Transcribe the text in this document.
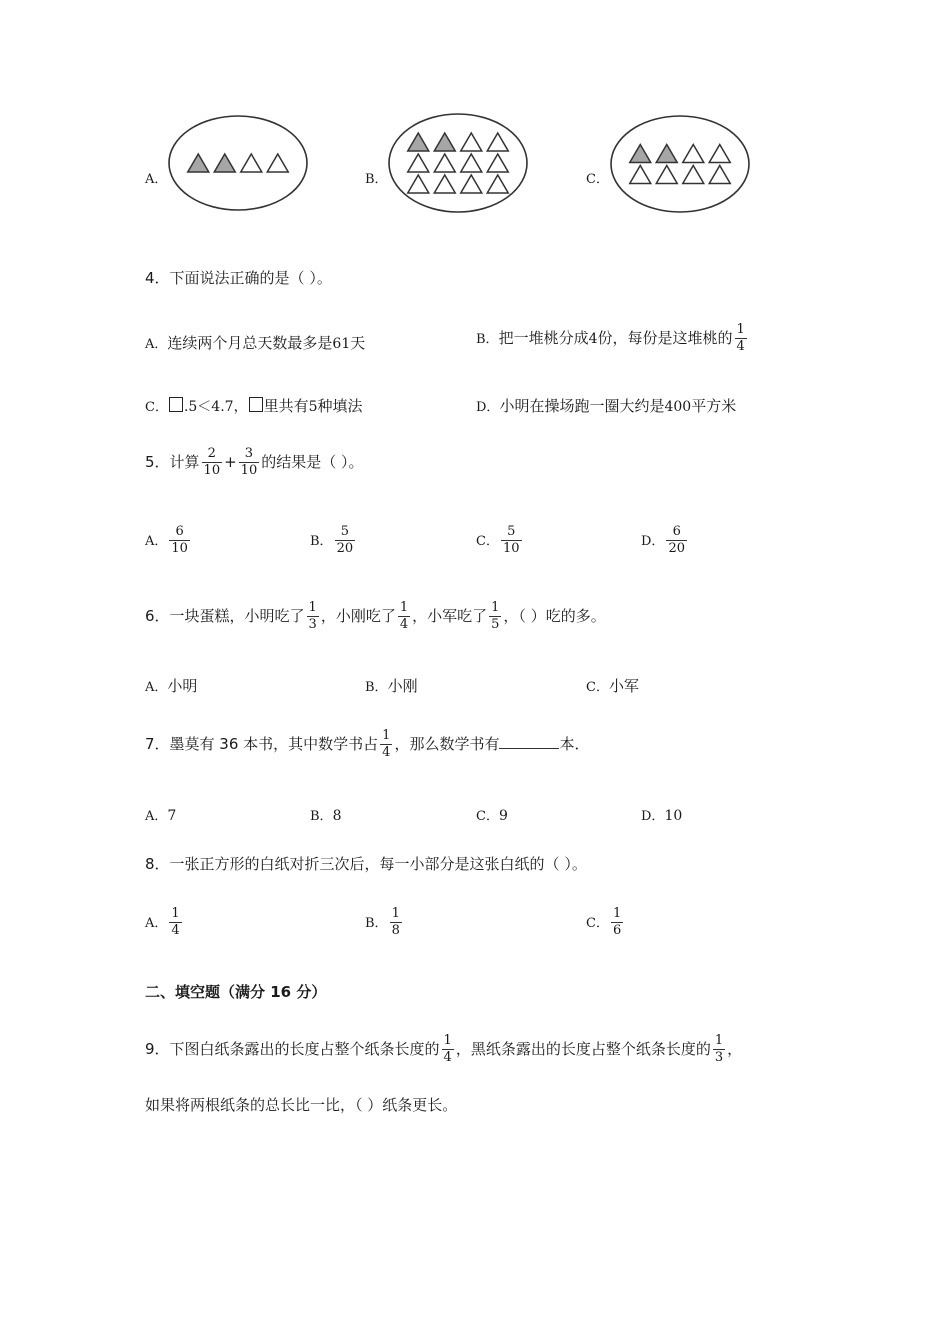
A．	B．	C．
4．下面说法正确的是（ ）。
A．连续两个月总天数最多是61天	B．把一堆桃分成4份，每份是这堆桃的 $\frac{1}{4}$
C． .5＜4.7， 里共有5种填法	D．小明在操场跑一圈大约是400平方米
5．计算 $\frac{2}{10} + \frac{3}{10}$ 的结果是（ ）。
A． $\frac{6}{10}$	B． $\frac{5}{20}$	C． $\frac{5}{10}$	D． $\frac{6}{20}$
6．一块蛋糕，小明吃了 $\frac{1}{3}$ ，小刚吃了 $\frac{1}{4}$ ，小军吃了 $\frac{1}{5}$ ，（ ）吃的多。
A．小明	B．小刚	C．小军
7．墨莫有 36 本书，其中数学书占 $\frac{1}{4}$ ，那么数学书有	本．
A．7	B．8	C．9	D．10
8．一张正方形的白纸对折三次后，每一小部分是这张白纸的（ ）。
A． $\frac{1}{4}$	B． $\frac{1}{8}$	C． $\frac{1}{6}$
二、填空题（满分 16 分）
9．下图白纸条露出的长度占整个纸条长度的 $\frac{1}{4}$ ，黑纸条露出的长度占整个纸条长度的 $\frac{1}{3}$ ，
如果将两根纸条的总长比一比，（ ）纸条更长。
